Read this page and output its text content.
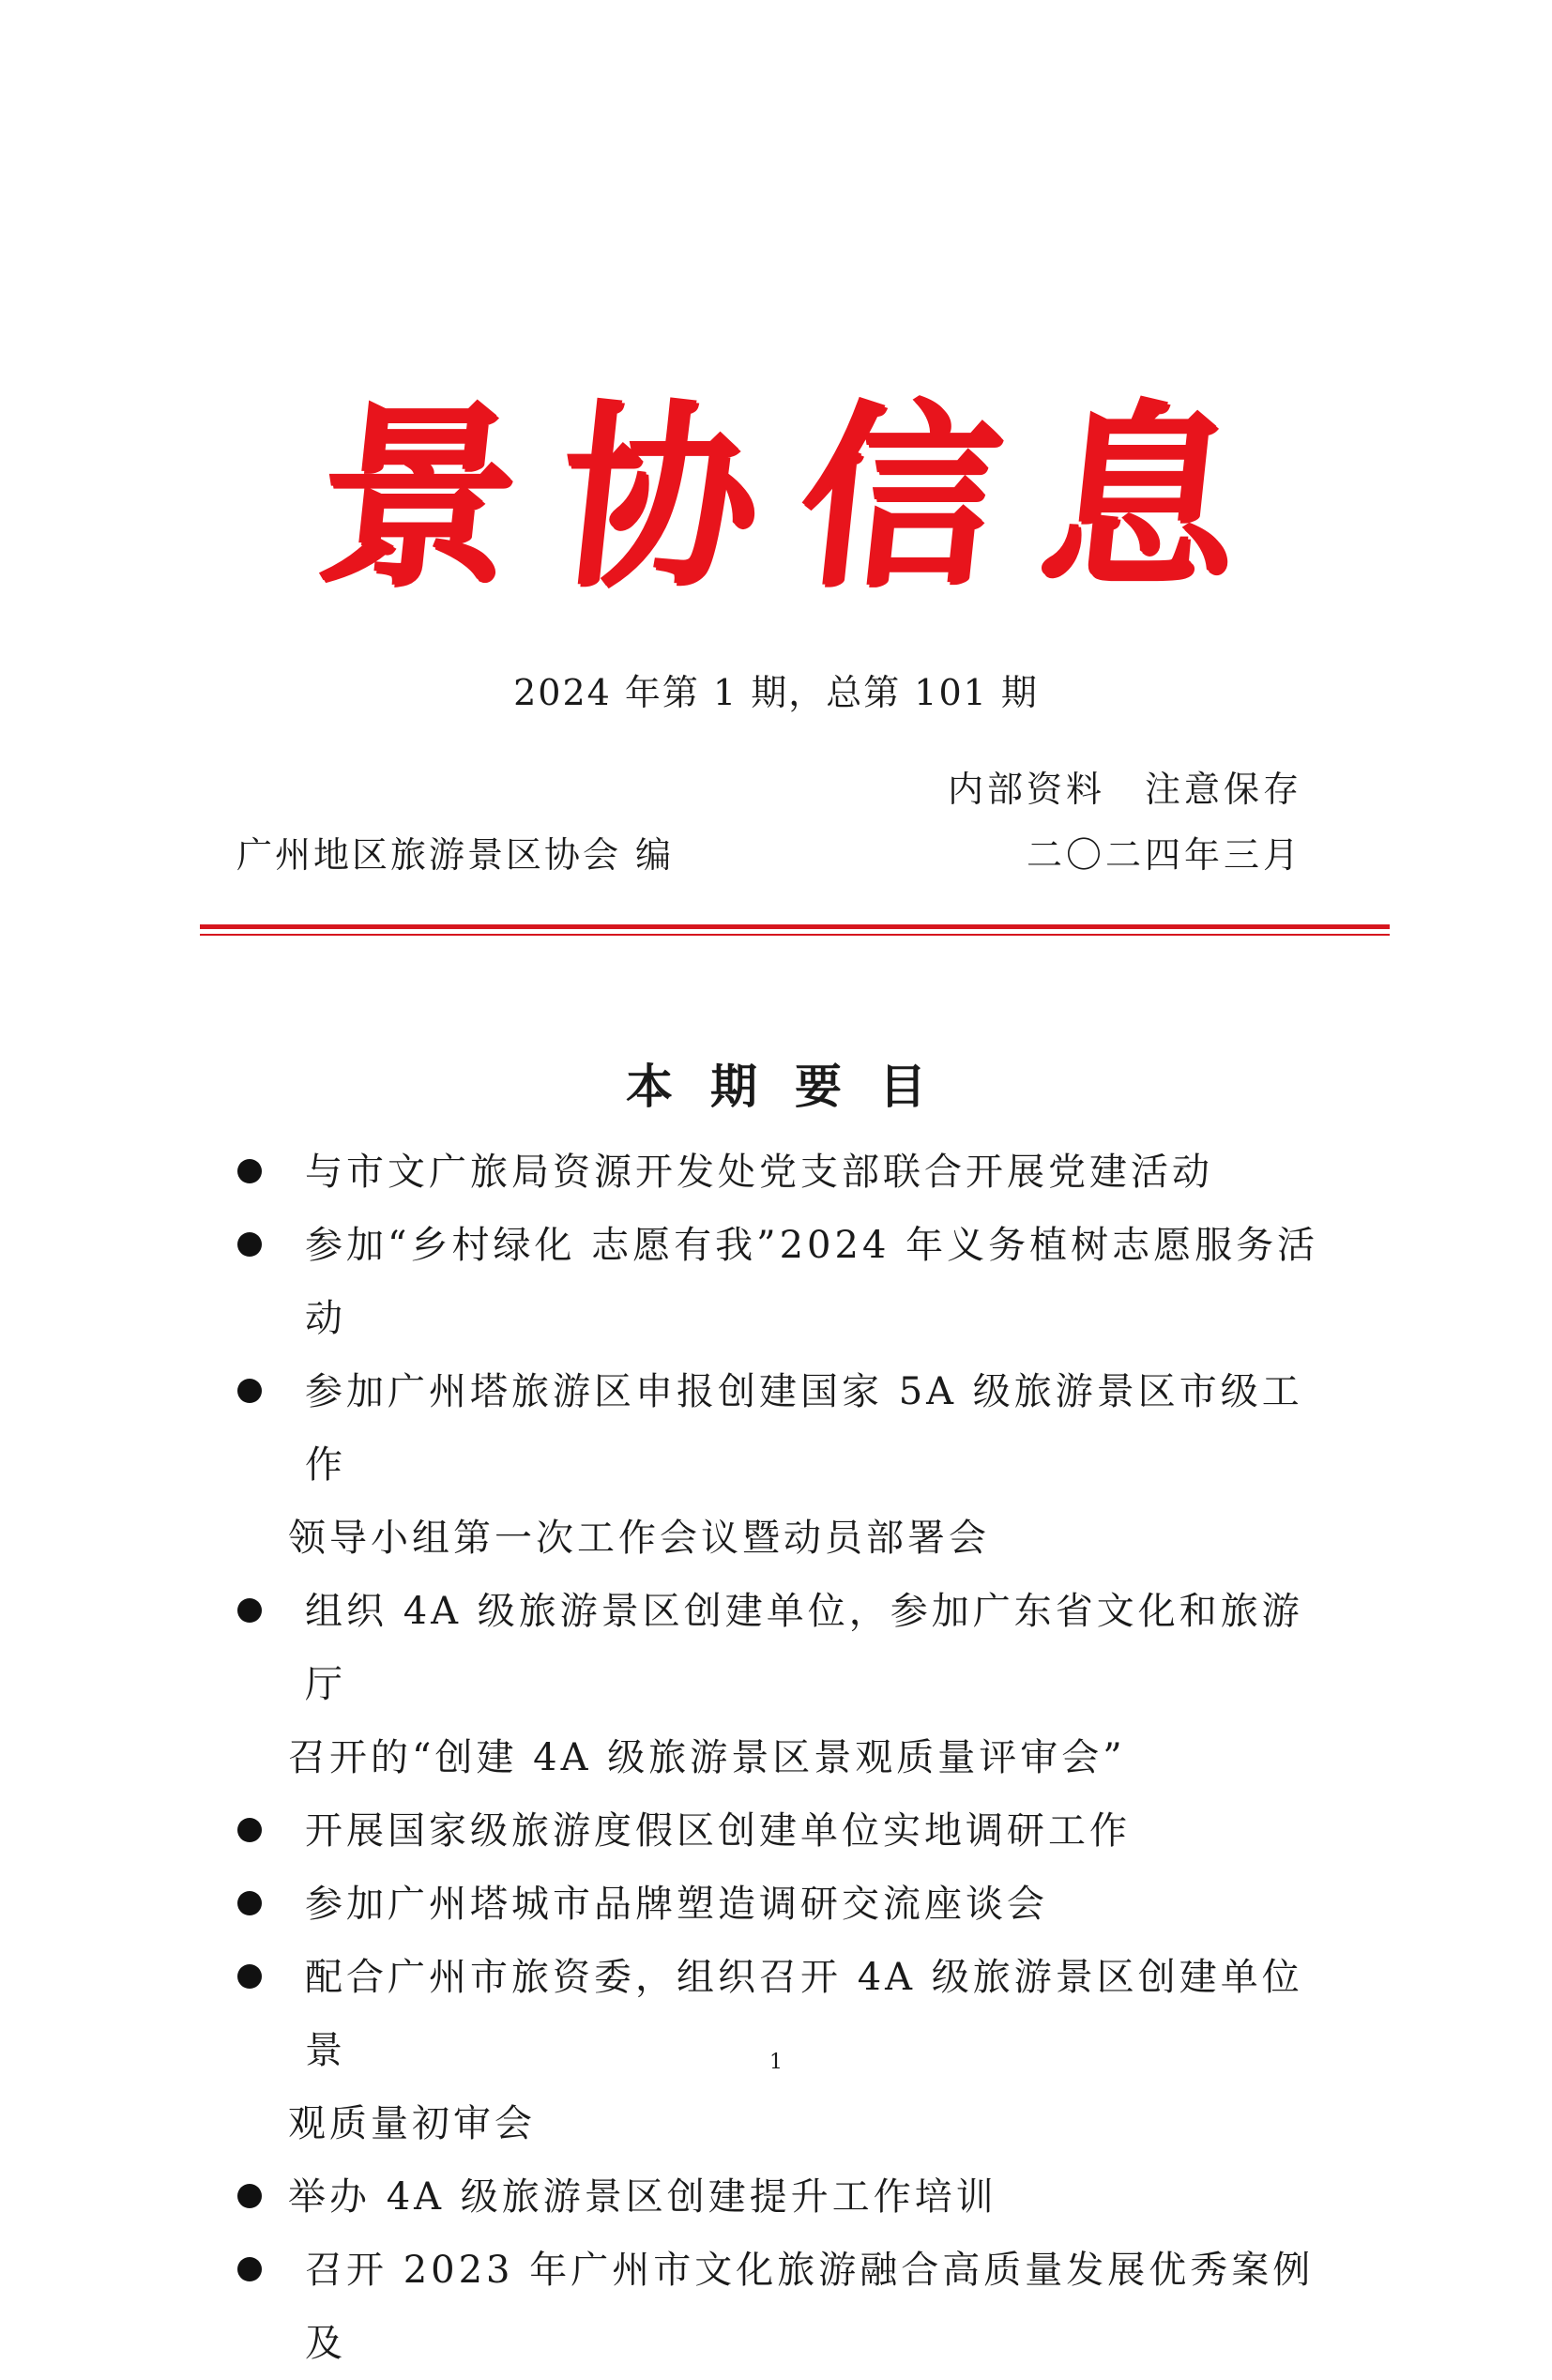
景 协 信 息
2024 年第 1 期，总第 101 期
内部资料　注意保存
广州地区旅游景区协会 编	二〇二四年三月
本期要目
与市文广旅局资源开发处党支部联合开展党建活动
参加“乡村绿化 志愿有我”2024 年义务植树志愿服务活动
参加广州塔旅游区申报创建国家 5A 级旅游景区市级工作
领导小组第一次工作会议暨动员部署会
组织 4A 级旅游景区创建单位，参加广东省文化和旅游厅
召开的“创建 4A 级旅游景区景观质量评审会”
开展国家级旅游度假区创建单位实地调研工作
参加广州塔城市品牌塑造调研交流座谈会
配合广州市旅资委，组织召开 4A 级旅游景区创建单位景
观质量初审会
举办 4A 级旅游景区创建提升工作培训
召开 2023 年广州市文化旅游融合高质量发展优秀案例及
1
